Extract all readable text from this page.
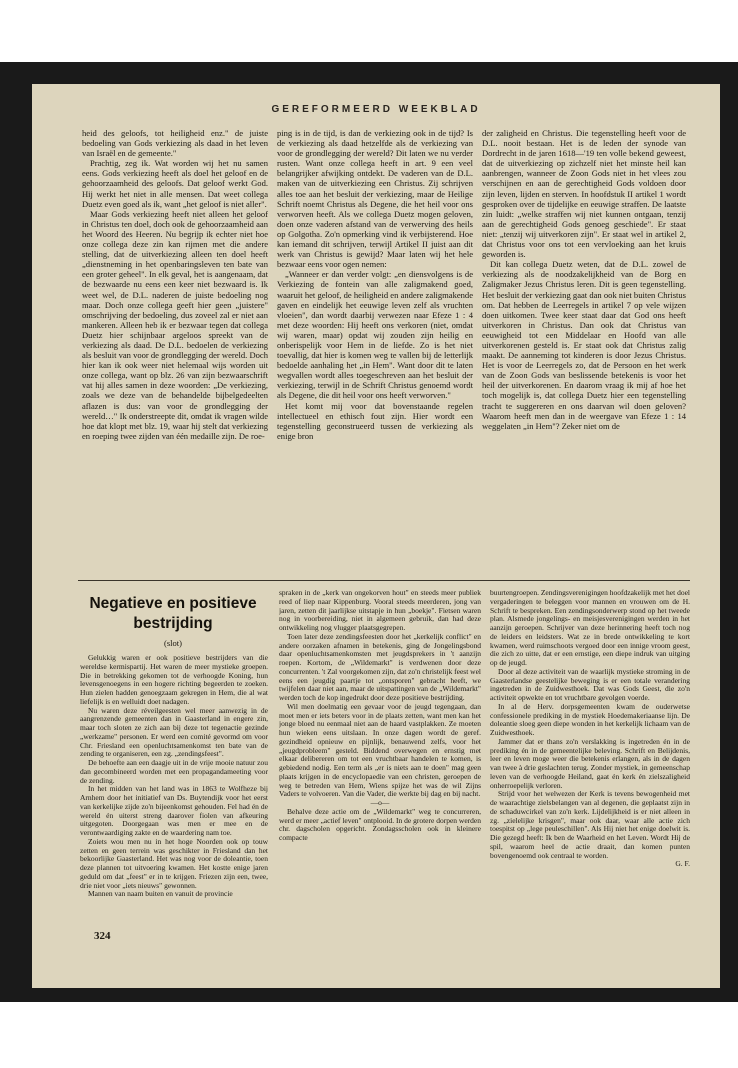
GEREFORMEERD WEEKBLAD

heid des geloofs, tot heiligheid enz." de juiste bedoeling van Gods verkiezing als daad in het leven van Israël en de gemeente."

Prachtig, zeg ik. Wat worden wij het nu samen eens. Gods verkiezing heeft als doel het geloof en de gehoorzaamheid des geloofs. Dat geloof werkt God. Hij werkt het niet in alle mensen. Dat weet collega Duetz even goed als ik, want „het geloof is niet aller".

Maar Gods verkiezing heeft niet alleen het geloof in Christus ten doel, doch ook de gehoorzaamheid aan het Woord des Heeren. Nu begrijp ik echter niet hoe onze collega deze zin kan rijmen met die andere stelling, dat de uitverkiezing alleen ten doel heeft „dienstneming in het openbaringsleven ten bate van een groter geheel". In elk geval, het is aangenaam, dat de bezwaarde nu eens een keer niet bezwaard is. Ik weet wel, de D.L. naderen de juiste bedoeling nog maar. Doch onze collega geeft hier geen „juistere" omschrijving der bedoeling, dus zoveel zal er niet aan mankeren. Alleen heb ik er bezwaar tegen dat collega Duetz hier schijnbaar argeloos spreekt van de verkiezing als daad. De D.L. bedoelen de verkiezing als besluit van voor de grondlegging der wereld. Doch hier kan ik ook weer niet helemaal wijs worden uit onze collega, want op blz. 26 van zijn bezwaarschrift vat hij alles samen in deze woorden: „De verkiezing, zoals we deze van de behandelde bijbelgedeelten aflazen is dus: van voor de grondlegging der wereld…" Ik onderstreepte dit, omdat ik vragen wilde hoe dat klopt met blz. 19, waar hij stelt dat verkiezing en roeping twee zijden van één medaille zijn. De roe-

ping is in de tijd, is dan de verkiezing ook in de tijd? Is de verkiezing als daad hetzelfde als de verkiezing van voor de grondlegging der wereld? Dit laten we nu verder rusten. Want onze collega heeft in art. 9 een veel belangrijker afwijking ontdekt. De vaderen van de D.L. maken van de uitverkiezing een Christus. Zij schrijven alles toe aan het besluit der verkiezing, maar de Heilige Schrift noemt Christus als Degene, die het heil voor ons verworven heeft. Als we collega Duetz mogen geloven, doen onze vaderen afstand van de verwerving des heils op Golgotha. Zo'n opmerking vind ik verbijsterend. Hoe kan iemand dit schrijven, terwijl Artikel II juist aan dit werk van Christus is gewijd? Maar laten wij het hele bezwaar eens voor ogen nemen:

„Wanneer er dan verder volgt: „en diensvolgens is de Verkiezing de fontein van alle zaligmakend goed, waaruit het geloof, de heiligheid en andere zaligmakende gaven en eindelijk het eeuwige leven zelf als vruchten vloeien", dan wordt daarbij verwezen naar Efeze 1 : 4 met deze woorden: Hij heeft ons verkoren (niet, omdat wij waren, maar) opdat wij zouden zijn heilig en onberispelijk voor Hem in de liefde. Zo is het niet toevallig, dat hier is komen weg te vallen bij de letterlijk bedoelde aanhaling het „in Hem". Want door dit te laten wegvallen wordt alles toegeschreven aan het besluit der verkiezing, terwijl in de Schrift Christus genoemd wordt als Degene, die dit heil voor ons heeft verworven."

Het komt mij voor dat bovenstaande regelen intellectueel en ethisch fout zijn. Hier wordt een tegenstelling geconstrueerd tussen de verkiezing als enige bron

der zaligheid en Christus. Die tegenstelling heeft voor de D.L. nooit bestaan. Het is de leden der synode van Dordrecht in de jaren 1618—'19 ten volle bekend geweest, dat de uitverkiezing op zichzelf niet het minste heil kan aanbrengen, wanneer de Zoon Gods niet in het vlees zou verschijnen en aan de gerechtigheid Gods voldoen door zijn leven, lijden en sterven. In hoofdstuk II artikel 1 wordt gesproken over de tijdelijke en eeuwige straffen. De laatste zin luidt: „welke straffen wij niet kunnen ontgaan, tenzij aan de gerechtigheid Gods genoeg geschiede". Er staat niet: „tenzij wij uitverkoren zijn". Er staat wel in artikel 2, dat Christus voor ons tot een vervloeking aan het kruis geworden is.

Dit kan collega Duetz weten, dat de D.L. zowel de verkiezing als de noodzakelijkheid van de Borg en Zaligmaker Jezus Christus leren. Dit is geen tegenstelling. Het besluit der verkiezing gaat dan ook niet buiten Christus om. Dat hebben de Leerregels in artikel 7 op vele wijzen doen uitkomen. Twee keer staat daar dat God ons heeft uitverkoren in Christus. Dan ook dat Christus van eeuwigheid tot een Middelaar en Hoofd van alle uitverkorenen gesteld is. Er staat ook dat Christus zalig maakt. De aanneming tot kinderen is door Jezus Christus. Het is voor de Leerregels zo, dat de Persoon en het werk van de Zoon Gods van beslissende betekenis is voor het heil der uitverkorenen. En daarom vraag ik mij af hoe het toch mogelijk is, dat collega Duetz hier een tegenstelling tracht te suggereren en ons daarvan wil doen geloven? Waarom heeft men dan in de weergave van Efeze 1 : 14 weggelaten „in Hem"? Zeker niet om de

Negatieve en positieve bestrijding
(slot)

Gelukkig waren er ook positieve bestrijders van die wereldse kermispartij. Het waren de meer mystieke groepen. Die in betrekking gekomen tot de verhoogde Koning, hun levensgenoegens in een hogere richting begeerden te zoeken. Hun zielen hadden genoegzaam gekregen in Hem, die al wat liefelijk is en welluidt doet nadagen.

Nu waren deze réveilgeesten wel meer aanwezig in de aangrenzende gemeenten dan in Gaasterland in engere zin, maar toch sloten ze zich aan bij deze tot tegenactie gezinde „werkzame" personen. Er werd een comité gevormd om voor Chr. Friesland een openluchtsamenkomst ten bate van de zending te organiseren, een zg. „zendingsfeest".

De behoefte aan een daagje uit in de vrije mooie natuur zou dan gecombineerd worden met een propagandameeting voor de zending.

In het midden van het land was in 1863 te Wolfheze bij Arnhem door het initiatief van Ds. Buytendijk voor het eerst van kerkelijke zijde zo'n bijeenkomst gehouden. Fel had én de wereld én uiterst streng daarover fiolen van afkeuring uitgegoten. Doorgegaan was men er mee en de verontwaardiging zakte en de waardering nam toe.

Zoiets wou men nu in het hoge Noorden ook op touw zetten en geen terrein was geschikter in Friesland dan het bekoorlijke Gaasterland. Het was nog voor de doleantie, toen deze plannen tot uitvoering kwamen. Het kostte enige jaren geduld om dat „feest" er in te krijgen. Friezen zijn een, twee, drie niet voor „iets nieuws" gewonnen.

Mannen van naam buiten en vanuit de provincie

spraken in de „kerk van ongekorven hout" en steeds meer publiek reed of liep naar Kippenburg. Vooral steeds meerderen, jong van jaren, zetten dit jaarlijkse uitstapje in hun „boekje". Fietsen waren nog in voorbereiding, niet in algemeen gebruik, dan had deze ontwikkeling nog vlugger plaatsgegrepen.

Toen later deze zendingsfeesten door het „kerkelijk conflict" en andere oorzaken afnamen in betekenis, ging de Jongelingsbond daar openluchtsamenkomsten met jeugdsprekers in 't aanzijn roepen. Kortom, de „Wildemarkt" is verdwenen door deze concurrenten. 't Zal voorgekomen zijn, dat zo'n christelijk feest wel eens een jeugdig paartje tot „ontsporen" gebracht heeft, we twijfelen daar niet aan, maar de uitspattingen van de „Wildemarkt" werden toch de kop ingedrukt door deze positieve bestrijding.

Wil men doelmatig een gevaar voor de jeugd tegengaan, dan moet men er iets beters voor in de plaats zetten, want men kan het jonge bloed nu eenmaal niet aan de haard vastplakken. Ze moeten hun wieken eens uitslaan. In onze dagen wordt de geref. gezindheid opnieuw en pijnlijk, benauwend zelfs, voor het „jeugdprobleem" gesteld. Biddend overwegen en ernstig met elkaar delibereren om tot een vruchtbaar handelen te komen, is gebiedend nodig. Een term als „er is niets aan te doen" mag geen plaats krijgen in de encyclopaedie van een christen, geroepen de weg te betreden van Hem, Wiens spijze het was de wil Zijns Vaders te volvoeren. Van die Vader, die werkte bij dag en bij nacht.

—o—

Behalve deze actie om de „Wildemarkt" weg te concurreren, werd er meer „actief leven" ontplooid. In de grotere dorpen werden chr. dagscholen opgericht. Zondagsscholen ook in kleinere compacte

buurtengroepen. Zendingsverenigingen hoofdzakelijk met het doel vergaderingen te beleggen voor mannen en vrouwen om de H. Schrift te bespreken. Een zendingsonderwerp stond op het tweede plan. Alsmede jongelings- en meisjesverenigingen werden in het aanzijn geroepen. Schrijver van deze herinnering heeft toch nog de leiders en leidsters. Wat ze in brede ontwikkeling te kort kwamen, werd ruimschoots vergoed door een innige vroom geest, die zich zo uitte, dat er een ernstige, een diepe indruk van uitging op de jeugd.

Door al deze activiteit van de waarlijk mystieke stroming in de Gaasterlandse geestelijke beweging is er een totale verandering ingetreden in de Zuidwesthoek. Dat was Gods Geest, die zo'n activiteit opwekte en tot vruchtbare gevolgen voerde.

In al de Herv. dorpsgemeenten kwam de ouderwetse confessionele prediking in de mystiek Hoedemakeriaanse lijn. De doleantie sloeg geen diepe wonden in het kerkelijk lichaam van de Zuidwesthoek.

Jammer dat er thans zo'n verslakking is ingetreden én in de prediking én in de gemeentelijke beleving. Schrift en Belijdenis, leer en leven moge weer die betekenis erlangen, als in de dagen van twee à drie geslachten terug. Zonder mystiek, in gemeenschap leven van de verhoogde Heiland, gaat én kerk én zielszaligheid onherroepelijk verloren.

Strijd voor het welwezen der Kerk is tevens bewogenheid met de waarachtige zielsbelangen van al degenen, die geplaatst zijn in de schaduwcirkel van zo'n kerk. Lijdelijkheid is er niet alleen in zg. „zielelijke krisgen", maar ook daar, waar alle actie zich toespitst op „lege peuleschillen". Als Hij niet het enige doelwit is. Die gezegd heeft: Ik ben de Waarheid en het Leven. Wordt Hij de spil, waarom heel de actie draait, dan komen punten bovengenoemd ook centraal te worden.

G. F.

324
